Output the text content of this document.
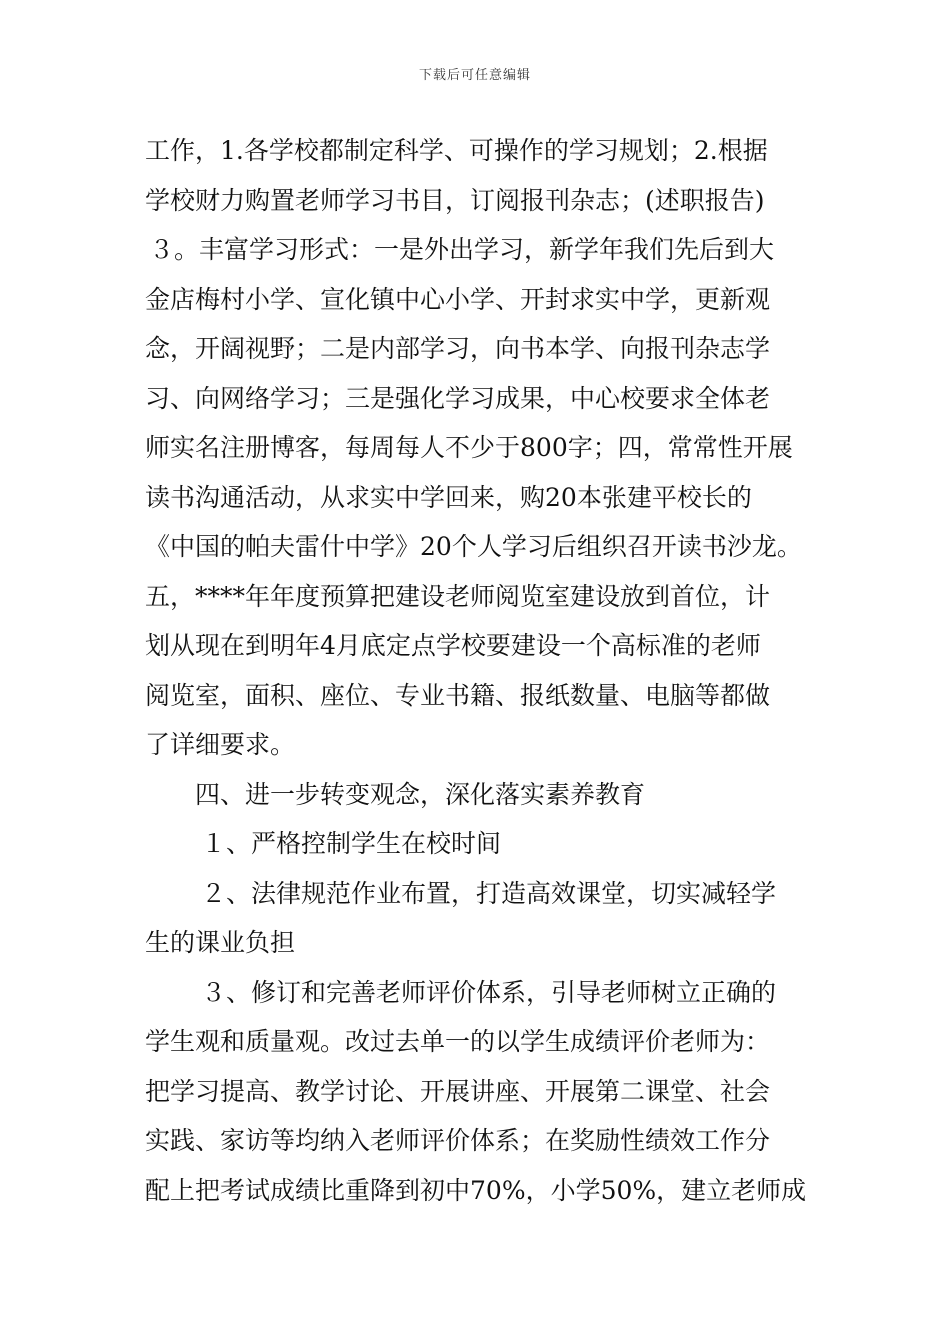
下载后可任意编辑
工作，1.各学校都制定科学、可操作的学习规划；2.根据
学校财力购置老师学习书目，订阅报刊杂志；(述职报告)
３。丰富学习形式：一是外出学习，新学年我们先后到大
金店梅村小学、宣化镇中心小学、开封求实中学，更新观
念，开阔视野；二是内部学习，向书本学、向报刊杂志学
习、向网络学习；三是强化学习成果，中心校要求全体老
师实名注册博客，每周每人不少于800字；四，常常性开展
读书沟通活动，从求实中学回来，购20本张建平校长的
《中国的帕夫雷什中学》20个人学习后组织召开读书沙龙。
五，****年年度预算把建设老师阅览室建设放到首位，计
划从现在到明年4月底定点学校要建设一个高标准的老师
阅览室，面积、座位、专业书籍、报纸数量、电脑等都做
了详细要求。
四、进一步转变观念，深化落实素养教育
１、严格控制学生在校时间
２、法律规范作业布置，打造高效课堂，切实减轻学
生的课业负担
３、修订和完善老师评价体系，引导老师树立正确的
学生观和质量观。改过去单一的以学生成绩评价老师为：
把学习提高、教学讨论、开展讲座、开展第二课堂、社会
实践、家访等均纳入老师评价体系；在奖励性绩效工作分
配上把考试成绩比重降到初中70%，小学50%，建立老师成
